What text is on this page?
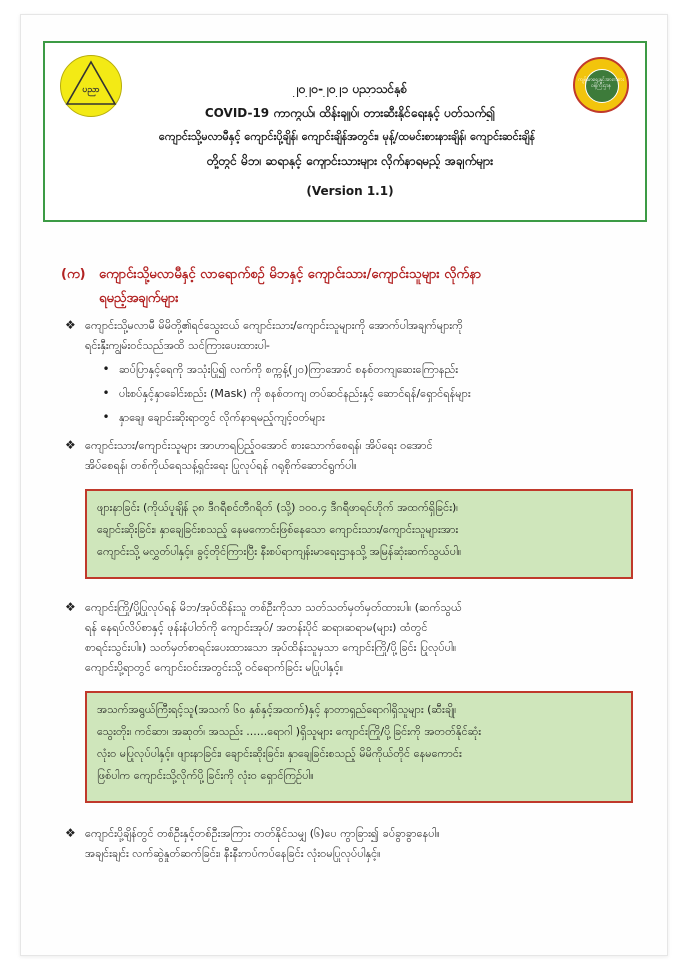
ပညာ	၂၀၂၀-၂၀၂၁ ပညာသင်နှစ်
COVID-19 ကာကွယ်၊ ထိန်းချုပ်၊ တားဆီးနိုင်ရေးနှင့် ပတ်သက်၍
ကျောင်းသို့မလာမီနှင့် ကျောင်းပို့ချိန်၊ ကျောင်းချိန်အတွင်း၊ မုန့်/ထမင်းစားနားချိန်၊ ကျောင်းဆင်းချိန်
တို့တွင် မိဘ၊ ဆရာနှင့် ကျောင်းသားများ လိုက်နာရမည့် အချက်များ
(Version 1.1)
ကျန်းမာရေးနှင့်အားကစားဝန်ကြီးဌာန
(က) ကျောင်းသို့မလာမီနှင့် လာရောက်စဉ် မိဘနှင့် ကျောင်းသား/ကျောင်းသူများ လိုက်နာ
ရမည့်အချက်များ
❖ ကျောင်းသို့မလာမီ မိမိတို့၏ရင်သွေးငယ် ကျောင်းသား/ကျောင်းသူများကို အောက်ပါအချက်များကို
ရင်းနှီးကျွမ်းဝင်သည်အထိ သင်ကြားပေးထားပါ-
• ဆပ်ပြာနှင့်ရေကို အသုံးပြု၍ လက်ကို စက္ကန့်(၂၀)ကြာအောင် စနစ်တကျဆေးကြောနည်း
• ပါးစပ်နှင့်နှာခေါင်းစည်း (Mask) ကို စနစ်တကျ တပ်ဆင်နည်းနှင့် ဆောင်ရန်/ရှောင်ရန်များ
• နှာချေ၊ ချောင်းဆိုးရာတွင် လိုက်နာရမည့်ကျင့်ဝတ်များ
❖ ကျောင်းသား/ကျောင်းသူများ အာဟာရပြည့်ဝအောင် စားသောက်စေရန်၊ အိပ်ရေး ဝအောင်
အိပ်စေရန်၊ တစ်ကိုယ်ရေသန့်ရှင်းရေး ပြုလုပ်ရန် ဂရုစိုက်ဆောင်ရွက်ပါ။

ဖျားနာခြင်း (ကိုယ်ပူချိန် ၃၈ ဒီဂရီစင်တီဂရိတ် (သို့) ၁၀၀.၄ ဒီဂရီဖာရင်ဟိုက် အထက်ရှိခြင်း)၊

ချောင်းဆိုးခြင်း၊ နှာချေခြင်းစသည့် နေမကောင်းဖြစ်နေသော ကျောင်းသား/ကျောင်းသူများအား

ကျောင်းသို့ မလွှတ်ပါနှင့်။ ခွင့်တိုင်ကြားပြီး နီးစပ်ရာကျန်းမာရေးဌာနသို့ အမြန်ဆုံးဆက်သွယ်ပါ။

❖ ကျောင်းကြို/ပို့ပြုလုပ်ရန် မိဘ/အုပ်ထိန်းသူ တစ်ဦးကိုသာ သတ်သတ်မှတ်မှတ်ထားပါ။ (ဆက်သွယ်
ရန် နေရပ်လိပ်စာနှင့် ဖုန်းနံပါတ်ကို ကျောင်းအုပ်/ အတန်းပိုင် ဆရာ၊ဆရာမ(များ) ထံတွင်
စာရင်းသွင်းပါ။) သတ်မှတ်စာရင်းပေးထားသော အုပ်ထိန်းသူမှသာ ကျောင်းကြို/ပို့ခြင်း ပြုလုပ်ပါ။
ကျောင်းပို့ရာတွင် ကျောင်းဝင်းအတွင်းသို့ ဝင်ရောက်ခြင်း မပြုပါနှင့်။

အသက်အရွယ်ကြီးရင့်သူ(အသက် ၆၀ နှစ်နှင့်အထက်)နှင့် နာတာရှည်ရောဂါရှိသူများ (ဆီးချို၊

သွေးတိုး၊ ကင်ဆာ၊ အဆုတ်၊ အသည်း ......ရောဂါ )ရှိသူများ ကျောင်းကြို/ပို့ခြင်းကို အတတ်နိုင်ဆုံး

လုံးဝ မပြုလုပ်ပါနှင့်။ ဖျားနာခြင်း၊ ချောင်းဆိုးခြင်း၊ နှာချေခြင်းစသည့် မိမိကိုယ်တိုင် နေမကောင်း

ဖြစ်ပါက ကျောင်းသို့လိုက်ပို့ခြင်းကို လုံးဝ ရှောင်ကြဉ်ပါ။

❖ ကျောင်းပို့ချိန်တွင် တစ်ဦးနှင့်တစ်ဦးအကြား တတ်နိုင်သမျှ (၆)ပေ ကွာခြား၍ ခပ်ခွာခွာနေပါ။
အချင်းချင်း လက်ဆွဲနှုတ်ဆက်ခြင်း၊ နီးနီးကပ်ကပ်နေခြင်း လုံးဝမပြုလုပ်ပါနှင့်။
